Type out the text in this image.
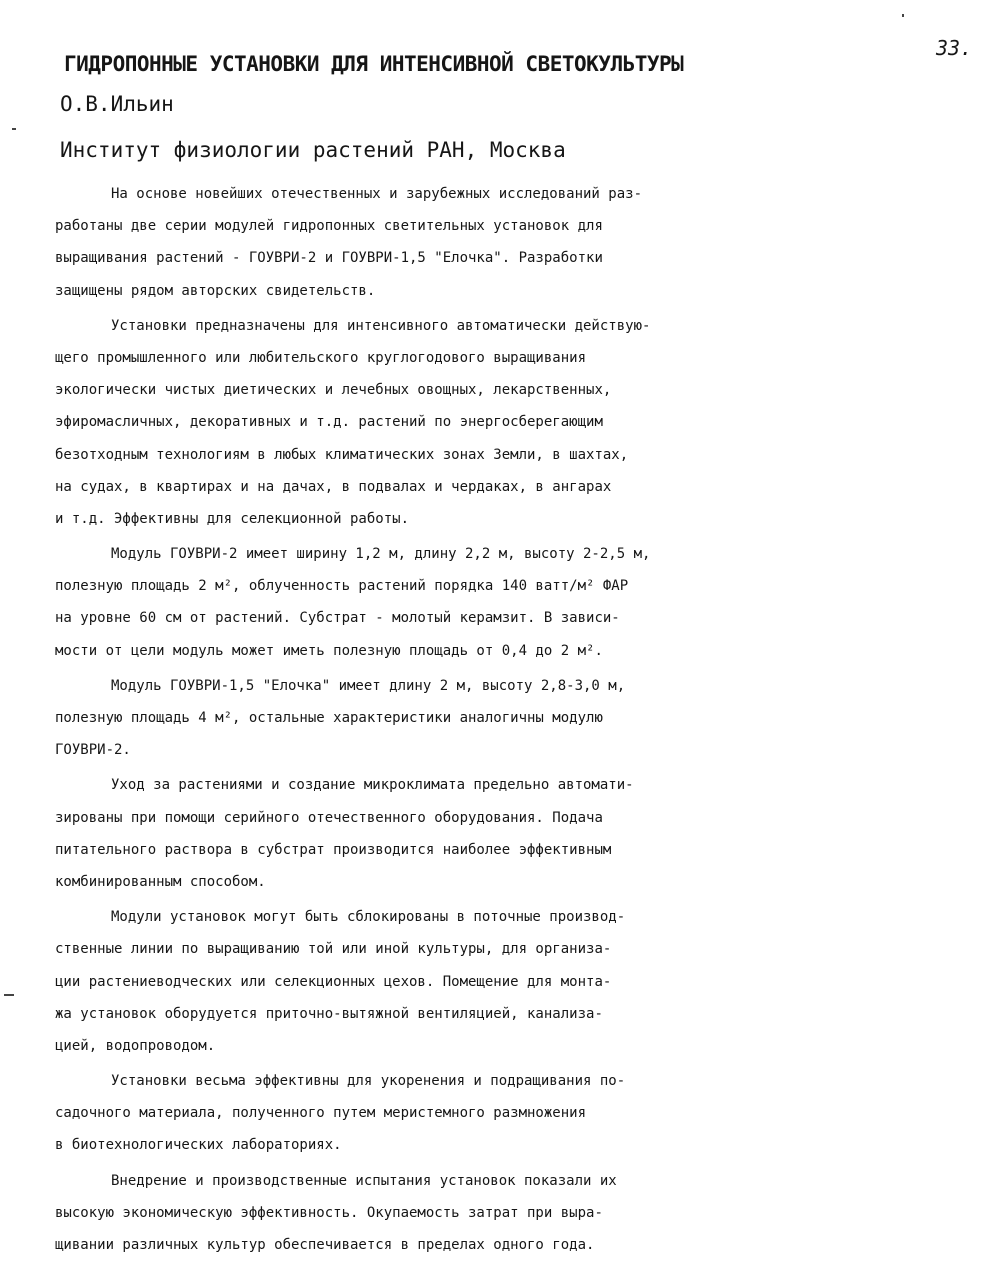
33.
ГИДРОПОННЫЕ УСТАНОВКИ ДЛЯ ИНТЕНСИВНОЙ СВЕТОКУЛЬТУРЫ
О.В.Ильин
Институт физиологии растений РАН, Москва
На основе новейших отечественных и зарубежных исследований раз-
работаны две серии модулей гидропонных светительных установок для
выращивания растений - ГОУВРИ-2 и ГОУВРИ-1,5 "Елочка". Разработки
защищены рядом авторских свидетельств.
Установки предназначены для интенсивного автоматически действую-
щего промышленного или любительского круглогодового выращивания
экологически чистых диетических и лечебных овощных, лекарственных,
эфиромасличных, декоративных и т.д. растений по энергосберегающим
безотходным технологиям в любых климатических зонах Земли, в шахтах,
на судах, в квартирах и на дачах, в подвалах и чердаках, в ангарах
и т.д. Эффективны для селекционной работы.
Модуль ГОУВРИ-2 имеет ширину 1,2 м, длину 2,2 м, высоту 2-2,5 м,
полезную площадь 2 м², облученность растений порядка 140 ватт/м² ФАР
на уровне 60 см от растений. Субстрат - молотый керамзит. В зависи-
мости от цели модуль может иметь полезную площадь от 0,4 до 2 м².
Модуль ГОУВРИ-1,5 "Елочка" имеет длину 2 м, высоту 2,8-3,0 м,
полезную площадь 4 м², остальные характеристики аналогичны модулю
ГОУВРИ-2.
Уход за растениями и создание микроклимата предельно автомати-
зированы при помощи серийного отечественного оборудования. Подача
питательного раствора в субстрат производится наиболее эффективным
комбинированным способом.
Модули установок могут быть сблокированы в поточные производ-
ственные линии по выращиванию той или иной культуры, для организа-
ции растениеводческих или селекционных цехов. Помещение для монта-
жа установок оборудуется приточно-вытяжной вентиляцией, канализа-
цией, водопроводом.
Установки весьма эффективны для укоренения и подращивания по-
садочного материала, полученного путем меристемного размножения
в биотехнологических лабораториях.
Внедрение и производственные испытания установок показали их
высокую экономическую эффективность. Окупаемость затрат при выра-
щивании различных культур обеспечивается в пределах одного года.
